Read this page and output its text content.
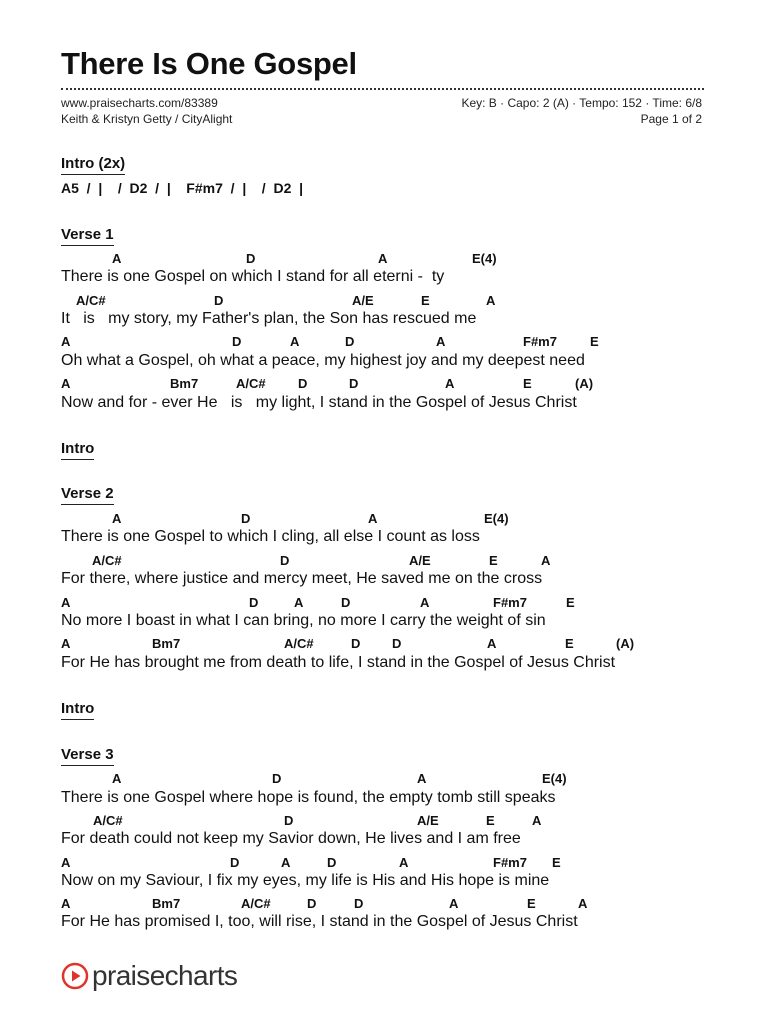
There Is One Gospel
www.praisecharts.com/83389
Keith & Kristyn Getty / CityAlight
Key: B · Capo: 2 (A) · Tempo: 152 · Time: 6/8
Page 1 of 2
Intro (2x)
A5  /  |    /  D2  /  |    F#m7  /  |    /  D2  |
Verse 1
A	D	A	E(4)
There is one Gospel on which I stand for all eterni -  ty
A/C#	D	A/E	E	A
It   is   my story, my Father's plan, the Son has rescued me
A	D	A	D	A	F#m7	E
Oh what a Gospel, oh what a peace, my highest joy and my deepest need
A	Bm7	A/C# D	D	A	E	(A)
Now and for - ever He   is   my light, I stand in the Gospel of Jesus Christ
Intro
Verse 2
A	D	A	E(4)
There is one Gospel to which I cling, all else I count as loss
A/C#	D	A/E	E	A
For there, where justice and mercy meet, He saved me on the cross
A	D	A	D	A	F#m7	E
No more I boast in what I can bring, no more I carry the weight of sin
A	Bm7	A/C#	D D	A	E	(A)
For He has brought me from death to life, I stand in the Gospel of Jesus Christ
Intro
Verse 3
A	D	A	E(4)
There is one Gospel where hope is found, the empty tomb still speaks
A/C#	D	A/E	E	A
For death could not keep my Savior down, He lives and I am free
A	D	A	D	A	F#m7 E
Now on my Saviour, I fix my eyes, my life is His and His hope is mine
A	Bm7	A/C#	D	D	A	E	A
For He has promised I, too, will rise, I stand in the Gospel of Jesus Christ
praisecharts
